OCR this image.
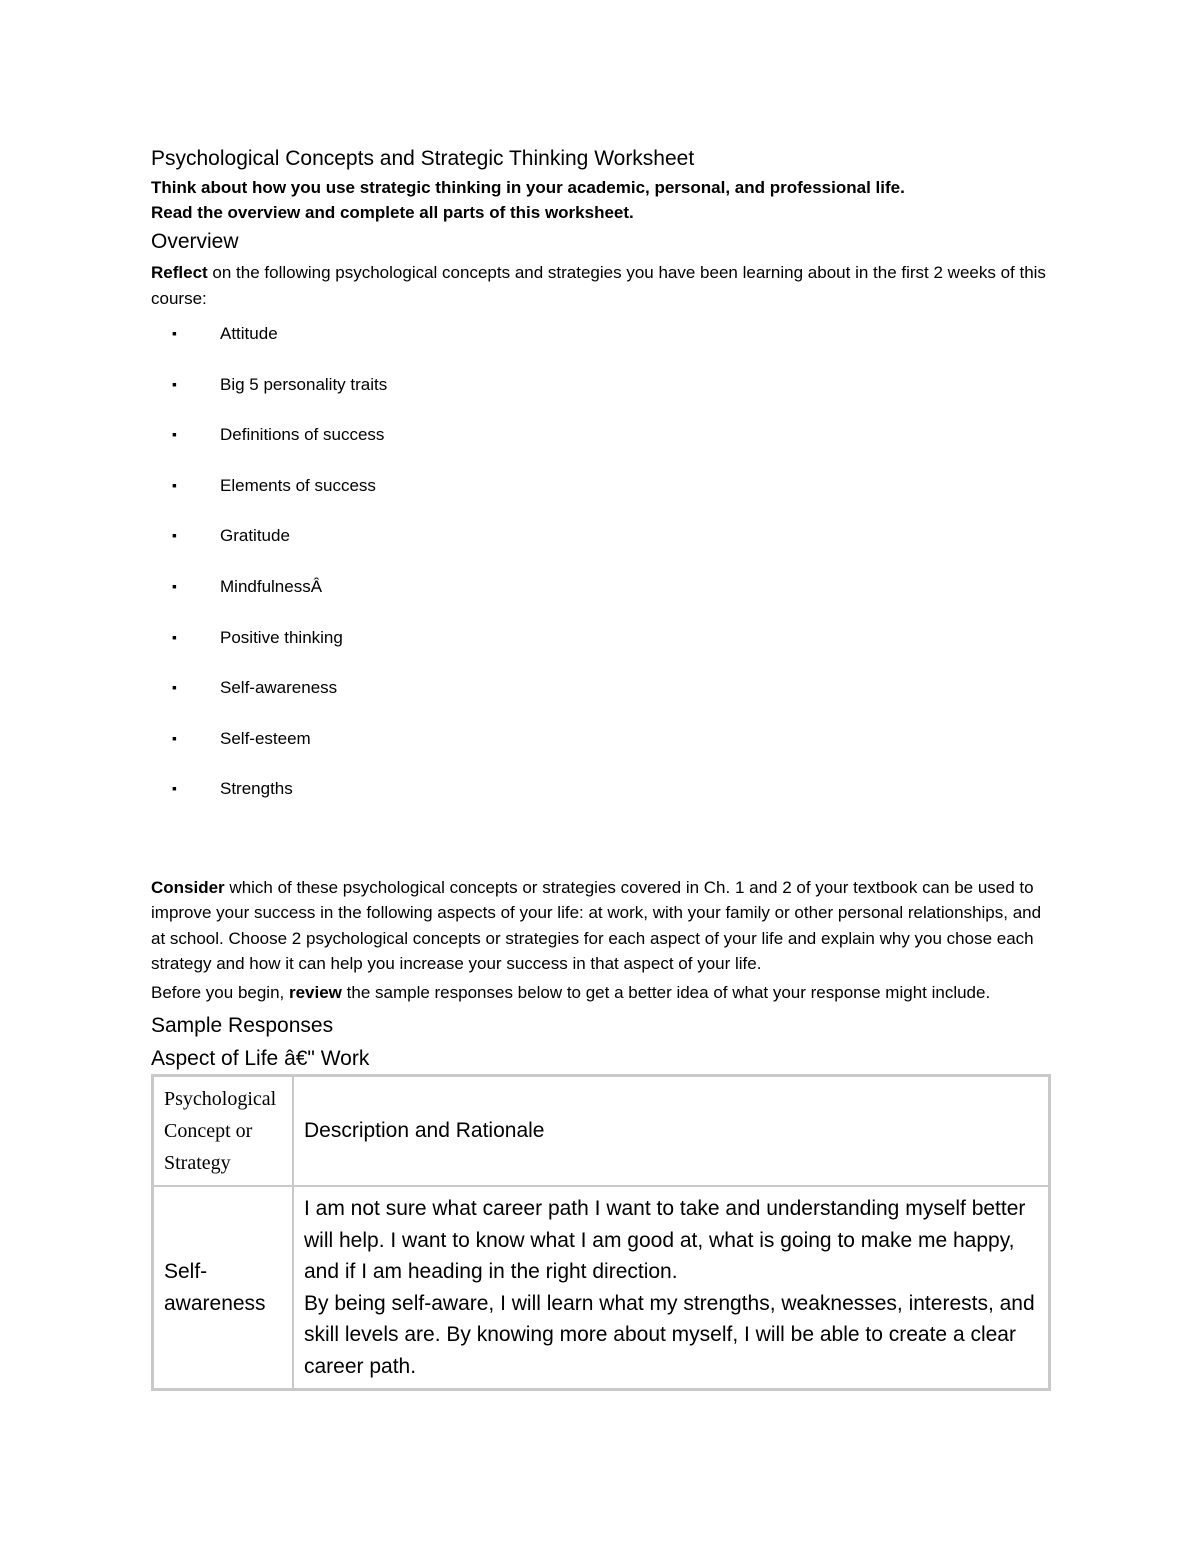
Psychological Concepts and Strategic Thinking Worksheet
Think about how you use strategic thinking in your academic, personal, and professional life.
Read the overview and complete all parts of this worksheet.
Overview

Reflect on the following psychological concepts and strategies you have been learning about in the first 2 weeks of this course:

▪	Attitude
▪	Big 5 personality traits
▪	Definitions of success
▪	Elements of success
▪	Gratitude
▪	MindfulnessÂ
▪	Positive thinking
▪	Self-awareness
▪	Self-esteem
▪	Strengths

Consider which of these psychological concepts or strategies covered in Ch. 1 and 2 of your textbook can be used to improve your success in the following aspects of your life: at work, with your family or other personal relationships, and at school. Choose 2 psychological concepts or strategies for each aspect of your life and explain why you chose each strategy and how it can help you increase your success in that aspect of your life.

Before you begin, review the sample responses below to get a better idea of what your response might include.

Sample Responses
Aspect of Life â€" Work
Psychological Concept or Strategy	Description and Rationale

Self-awareness	I am not sure what career path I want to take and understanding myself better will help. I want to know what I am good at, what is going to make me happy, and if I am heading in the right direction.
By being self-aware, I will learn what my strengths, weaknesses, interests, and skill levels are. By knowing more about myself, I will be able to create a clear career path.
